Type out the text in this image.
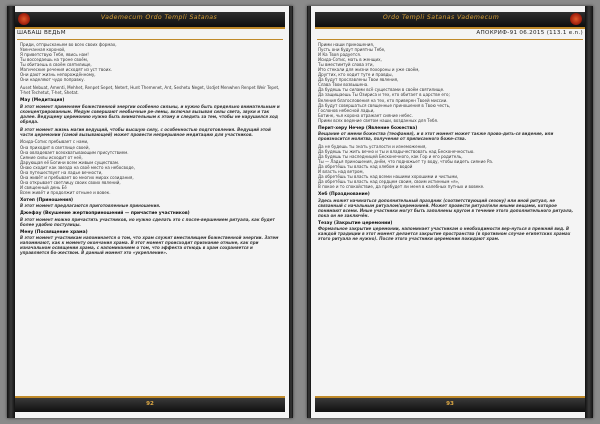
Vademecum Ordo Templi Satanas
ШАБАШ ВЕДЬМ

Приди, отпрысканьем во всех своих формах,
Увенчанная короной,
Я приветствую Тебя, явись нам!
Ты восседаешь на троне своём,
Ты обитаешь в своём святилище,
Магические речения исходят из уст твоих.
Они дают жизнь непорождённому,
Они наделяют чудо поправку.

Auset Nebuat, Amenti, Mehhet, Renpet Sepet, Netert, Hunt Themenet, Ant, Seshetu Neget, Usdjet Menwhen Renpet Weir Tepet, T-het Techetut, T-het, Shetat.

Мау (Медитация)

В этот момент применяем божественной энергии особенно сильны, и нужно быть предельно внимательным и сконцентрированным. Медум совершают необычные ре-лемы, включая вызывая силы света, звуки и так далее. Ведущему церемонию нужно быть внимательным к этому и следить за тем, чтобы не нарушился ход обряда.

В этот момент жизнь магии ведущий, чтобы высшую силу, с особенностью подготовления. Ведущий этой части церемонии (самой вызывающей) может провести непрерывное медитацию для участников.

Исида-Сотис пребывает с нами,
Она приходит в светлице своей,
Она овладевает всеохватывающим присутствием.
Сияние силы исходит от неё,
Дарующая её Богини всем живым существам.
Онаю сходит как звезда на своё место на небосводе,
Она путешествует на ладье вечности,
Она живёт и пребывает во многих мирах созидания,
Она открывает светлицу своих своих явлений,
И священный день Её
Всем живёт и продолжит отныне и вовек.

Хотеп (Приношения)

В этот момент предлагаются приготовленные приношения.

Джефау (Вкушение жертвоприношений — причастие участников)

В этот момент можно причастить участников, но нужно сделать это с после-вершением ритуала, как будет более удобно постулицы.

Мену (Посвящение храма)

В этот момент участникам напоминается о том, что храм служит вместилищем божественной энергии. Затем напоминают, как к моменту окончания храма. В этот момент происходит признание отныне, как при изначальном освящении храма, с напоминанием о том, что эффекта отнюдь в храм сохраняется и управляется бо-жеством. В данный момент это «укрепление».

92
Ordo Templi Satanas Vademecum
АПОКРИФ-91 06.2015 (113.1 e.n.)

Прими наши приношения,
Пусть они будут приятны Тебе,
И Ка Твоя радуется.
Исида-Сотис, мать в женщих,
Ты вместимтуй слова эти,
Ито стекали для жизни похороны и уже своём,
Другтих, кто ходит туте и правды,
Да будут прославлены Твои явления,
Слава Твои возвышена.
Да будешь ты силами всё существами в своём святилище.
Да защищаешь Ты Озириса и тех, кто обитает в царстве его;
Веления благословения на тех, кто приверен Твоей миссии.
Да будут совершаться священные приношения в Твою честь,
Гослонов небесной ладьи,
Ботинк, чья корона отражает сияние небес.
Прими всех ведение светом наши, возданных для Тебя.

Перит-херу Нечер (Явление божества)

Вещание от имени божества (теофания), и в этот момент может также прово-дить-ся видение, или произносится молитва, получения от приписанного боже-ства.

Да не будешь ты знать усталости и изнеможения,
Да будешь ты жить вечно и ты и владычествовать над Бесконечностью.
Да будешь ты наследницей Бесконечного, как Гор и его родитель,
Ты — Ладья приношения, днём, что подножьет ту воду, чтобы видеть сияние Ра.
Да обретёшь ты власть над хлебом и водой
И власть над ветром,
Да обретёшь ты власть над всеми нашими хорошими и чистыми,
Да обретёшь ты власть над сердцем своим, своим истинным «я»,
В покое и то спокойствие, да пребудет ли меня в калебных путных и вовеке.

Хеб (Празднование)

Здесь может начинаться дополнительный праздник (соответствующий сезону) или иной ритуал, не связанный с начальным ритуалом/церемонией. Может провести ритуал/или иными вещами, которое понимают всеми. Иные участники могут быть заполнены кругом в течение этого дополнительного ритуала, пока он не заключён.

Тезау (Закрытие церемонии)

Формальное закрытие церемонии, напоминает участникам о необходимости вер-нуться в прежний вид. В каждой традиции в этот момент делается закрытие пространства (в противном случае египетских храмах этого ритуала не нужно). После этого участники церемонии покидают храм.

93
